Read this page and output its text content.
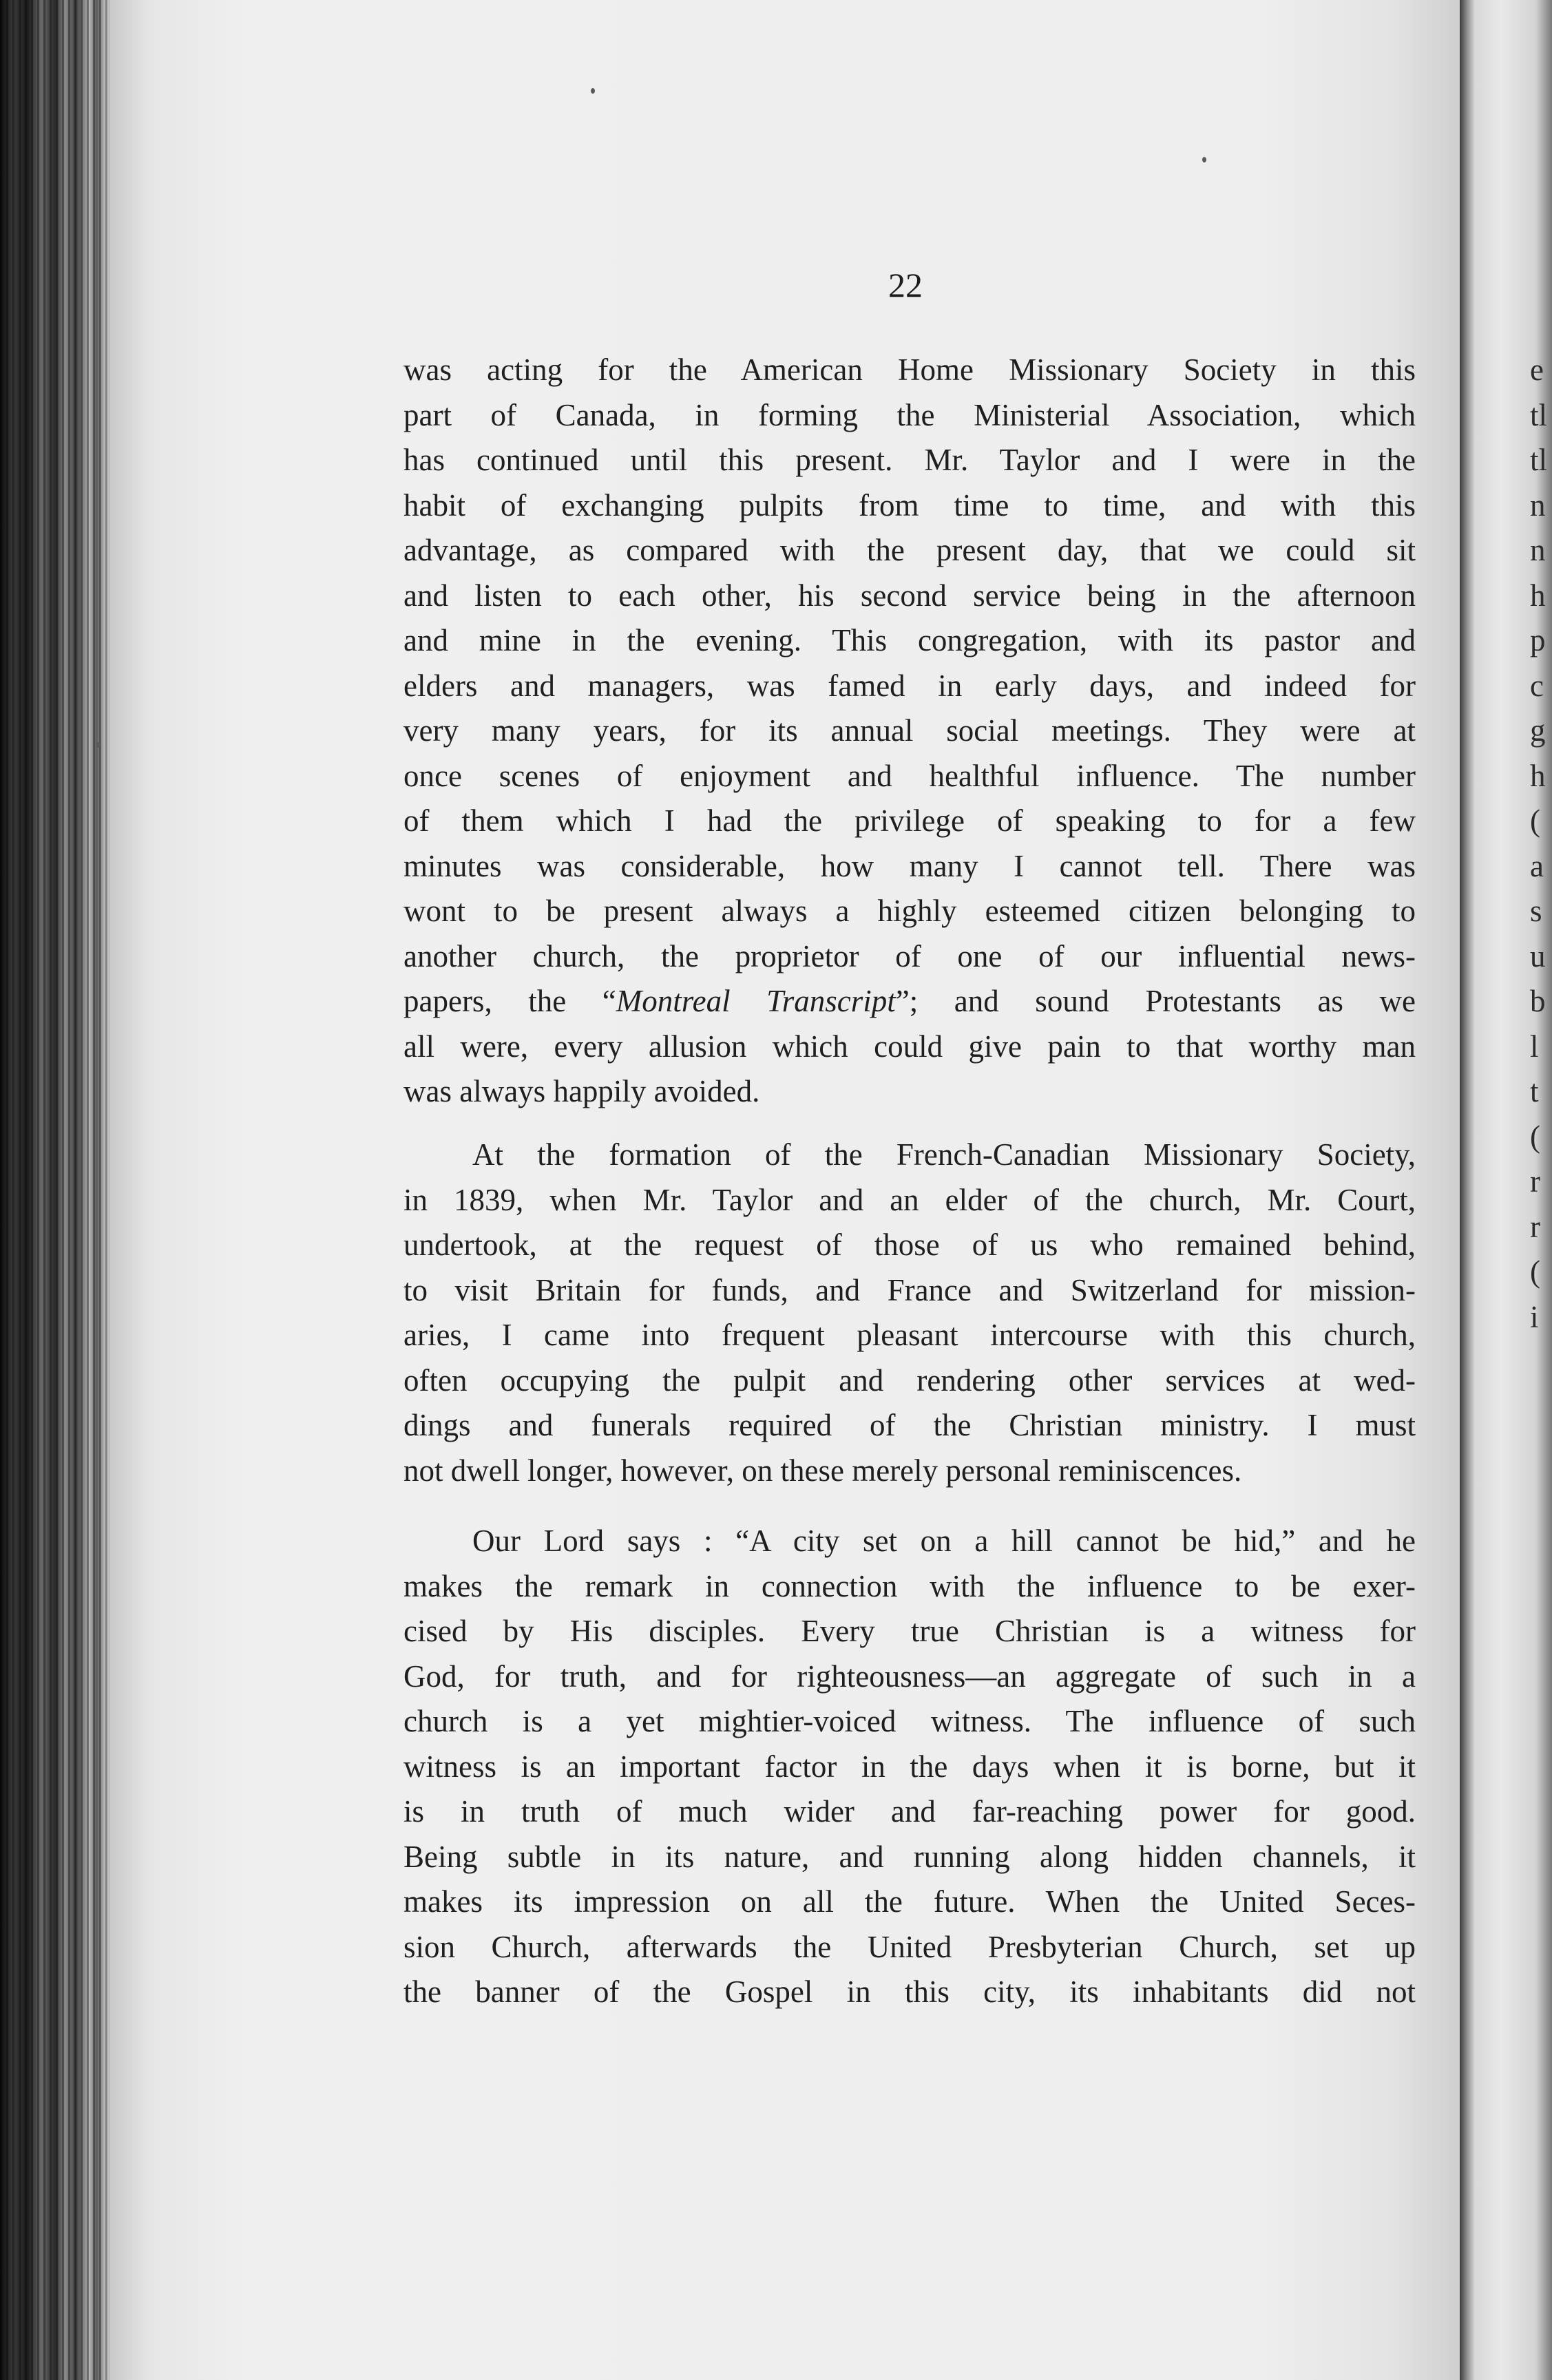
22
was acting for the American Home Missionary Society in this
part of Canada, in forming the Ministerial Association, which
has continued until this present. Mr. Taylor and I were in the
habit of exchanging pulpits from time to time, and with this
advantage, as compared with the present day, that we could sit
and listen to each other, his second service being in the afternoon
and mine in the evening. This congregation, with its pastor and
elders and managers, was famed in early days, and indeed for
very many years, for its annual social meetings. They were at
once scenes of enjoyment and healthful influence. The number
of them which I had the privilege of speaking to for a few
minutes was considerable, how many I cannot tell. There was
wont to be present always a highly esteemed citizen belonging to
another church, the proprietor of one of our influential news-
papers, the “Montreal Transcript”; and sound Protestants as we
all were, every allusion which could give pain to that worthy man
was always happily avoided.
At the formation of the French-Canadian Missionary Society,
in 1839, when Mr. Taylor and an elder of the church, Mr. Court,
undertook, at the request of those of us who remained behind,
to visit Britain for funds, and France and Switzerland for mission-
aries, I came into frequent pleasant intercourse with this church,
often occupying the pulpit and rendering other services at wed-
dings and funerals required of the Christian ministry. I must
not dwell longer, however, on these merely personal reminiscences.
Our Lord says : “A city set on a hill cannot be hid,” and he
makes the remark in connection with the influence to be exer-
cised by His disciples. Every true Christian is a witness for
God, for truth, and for righteousness—an aggregate of such in a
church is a yet mightier-voiced witness. The influence of such
witness is an important factor in the days when it is borne, but it
is in truth of much wider and far-reaching power for good.
Being subtle in its nature, and running along hidden channels, it
makes its impression on all the future. When the United Seces-
sion Church, afterwards the United Presbyterian Church, set up
the banner of the Gospel in this city, its inhabitants did not
e
tl
tl
n
n
h
p
c
g
h
(
a
s
u
b
l
t
(
r
r
(
i
